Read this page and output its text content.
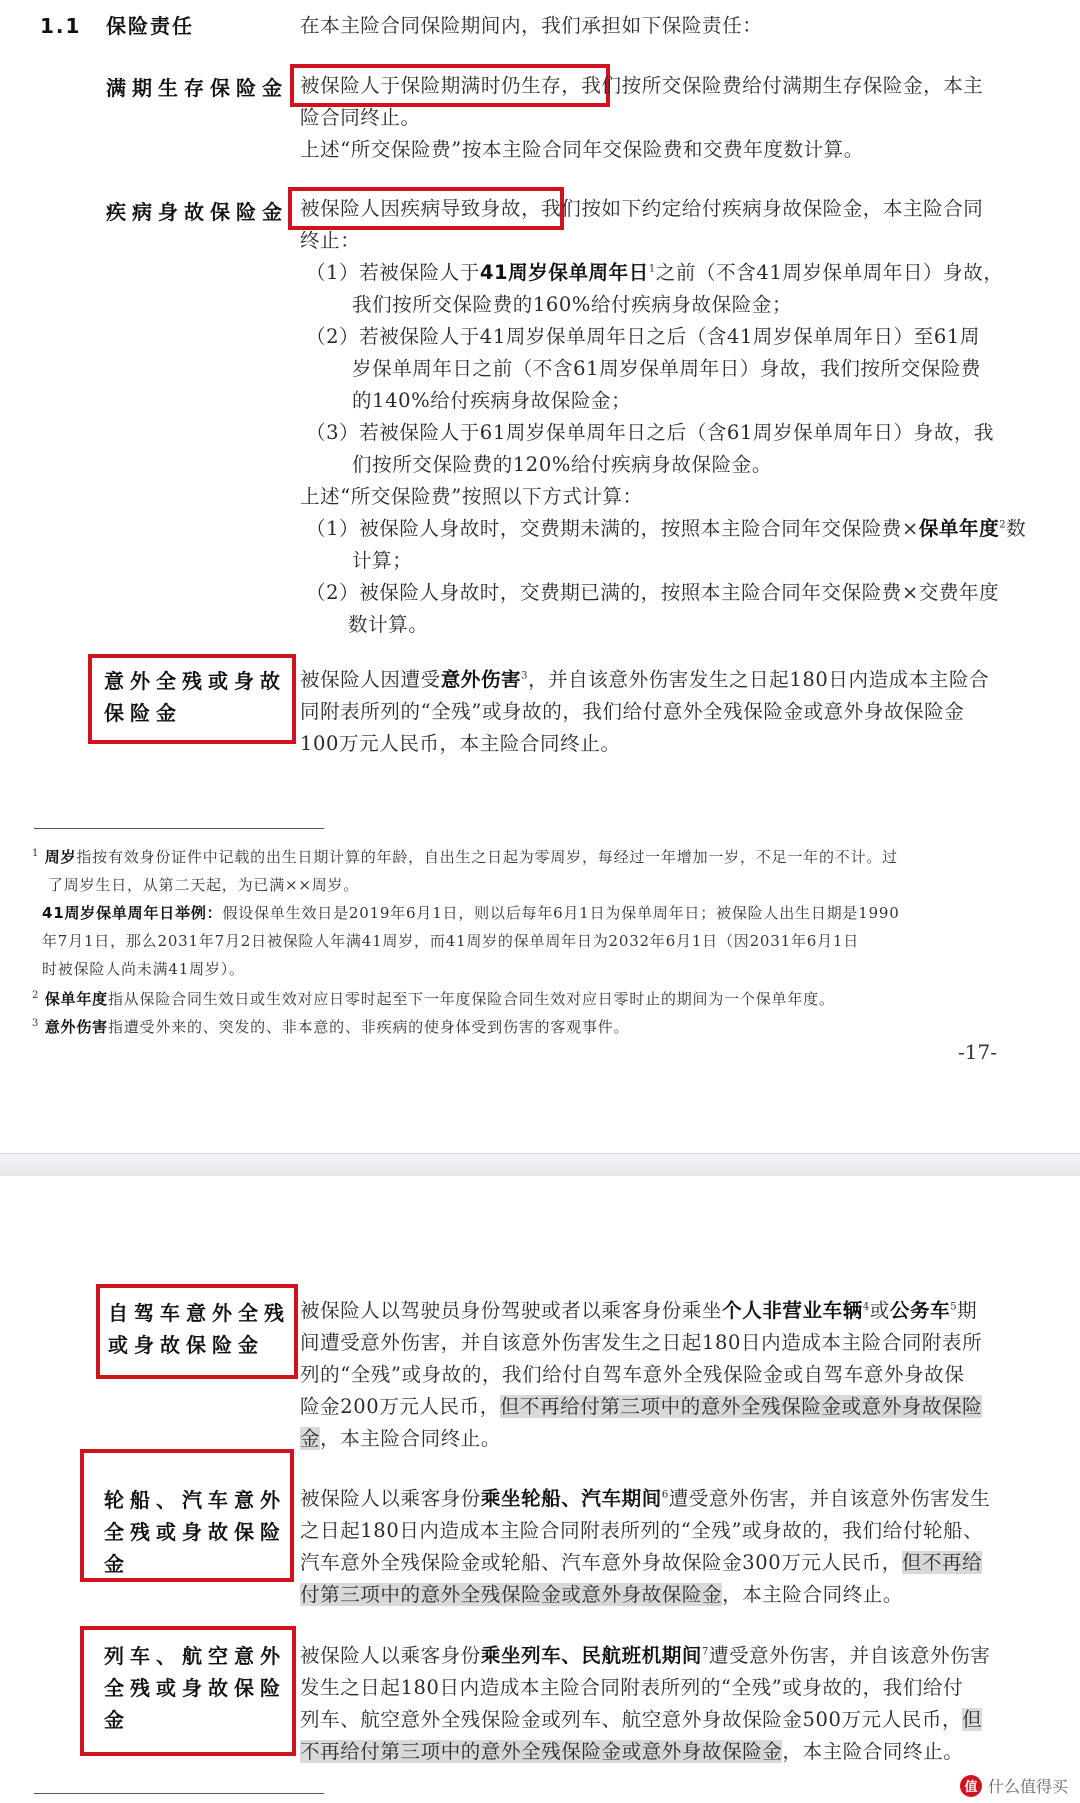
1.1 保险责任	在本主险合同保险期间内，我们承担如下保险责任：
满期生存保险金 被保险人于保险期满时仍生存，我们按所交保险费给付满期生存保险金，本主
险合同终止。
上述“所交保险费”按本主险合同年交保险费和交费年度数计算。
疾病身故保险金 被保险人因疾病导致身故，我们按如下约定给付疾病身故保险金，本主险合同
终止：
（1）若被保险人于41周岁保单周年日$^1$之前（不含41周岁保单周年日）身故，
我们按所交保险费的160%给付疾病身故保险金；
（2）若被保险人于41周岁保单周年日之后（含41周岁保单周年日）至61周
岁保单周年日之前（不含61周岁保单周年日）身故，我们按所交保险费
的140%给付疾病身故保险金；
（3）若被保险人于61周岁保单周年日之后（含61周岁保单周年日）身故，我
们按所交保险费的120%给付疾病身故保险金。
上述“所交保险费”按照以下方式计算：
（1）被保险人身故时，交费期未满的，按照本主险合同年交保险费×保单年度$^2$数
计算；
（2）被保险人身故时，交费期已满的，按照本主险合同年交保险费×交费年度
数计算。
意外全残或身故
保险金
被保险人因遭受意外伤害$^3$，并自该意外伤害发生之日起180日内造成本主险合
同附表所列的“全残”或身故的，我们给付意外全残保险金或意外身故保险金
100万元人民币，本主险合同终止。
$^1$ 周岁指按有效身份证件中记载的出生日期计算的年龄，自出生之日起为零周岁，每经过一年增加一岁，不足一年的不计。过
了周岁生日，从第二天起，为已满××周岁。
41周岁保单周年日举例：假设保单生效日是2019年6月1日，则以后每年6月1日为保单周年日；被保险人出生日期是1990
年7月1日，那么2031年7月2日被保险人年满41周岁，而41周岁的保单周年日为2032年6月1日（因2031年6月1日
时被保险人尚未满41周岁）。
$^2$ 保单年度指从保险合同生效日或生效对应日零时起至下一年度保险合同生效对应日零时止的期间为一个保单年度。
$^3$ 意外伤害指遭受外来的、突发的、非本意的、非疾病的使身体受到伤害的客观事件。
-17-
自驾车意外全残
或身故保险金
被保险人以驾驶员身份驾驶或者以乘客身份乘坐个人非营业车辆$^4$或公务车$^5$期
间遭受意外伤害，并自该意外伤害发生之日起180日内造成本主险合同附表所
列的“全残”或身故的，我们给付自驾车意外全残保险金或自驾车意外身故保
险金200万元人民币，但不再给付第三项中的意外全残保险金或意外身故保险
金，本主险合同终止。
轮船、汽车意外
全残或身故保险
金
被保险人以乘客身份乘坐轮船、汽车期间$^6$遭受意外伤害，并自该意外伤害发生
之日起180日内造成本主险合同附表所列的“全残”或身故的，我们给付轮船、
汽车意外全残保险金或轮船、汽车意外身故保险金300万元人民币，但不再给
付第三项中的意外全残保险金或意外身故保险金，本主险合同终止。
列车、航空意外
全残或身故保险
金
被保险人以乘客身份乘坐列车、民航班机期间$^7$遭受意外伤害，并自该意外伤害
发生之日起180日内造成本主险合同附表所列的“全残”或身故的，我们给付
列车、航空意外全残保险金或列车、航空意外身故保险金500万元人民币，但
不再给付第三项中的意外全残保险金或意外身故保险金，本主险合同终止。
值 什么值得买
